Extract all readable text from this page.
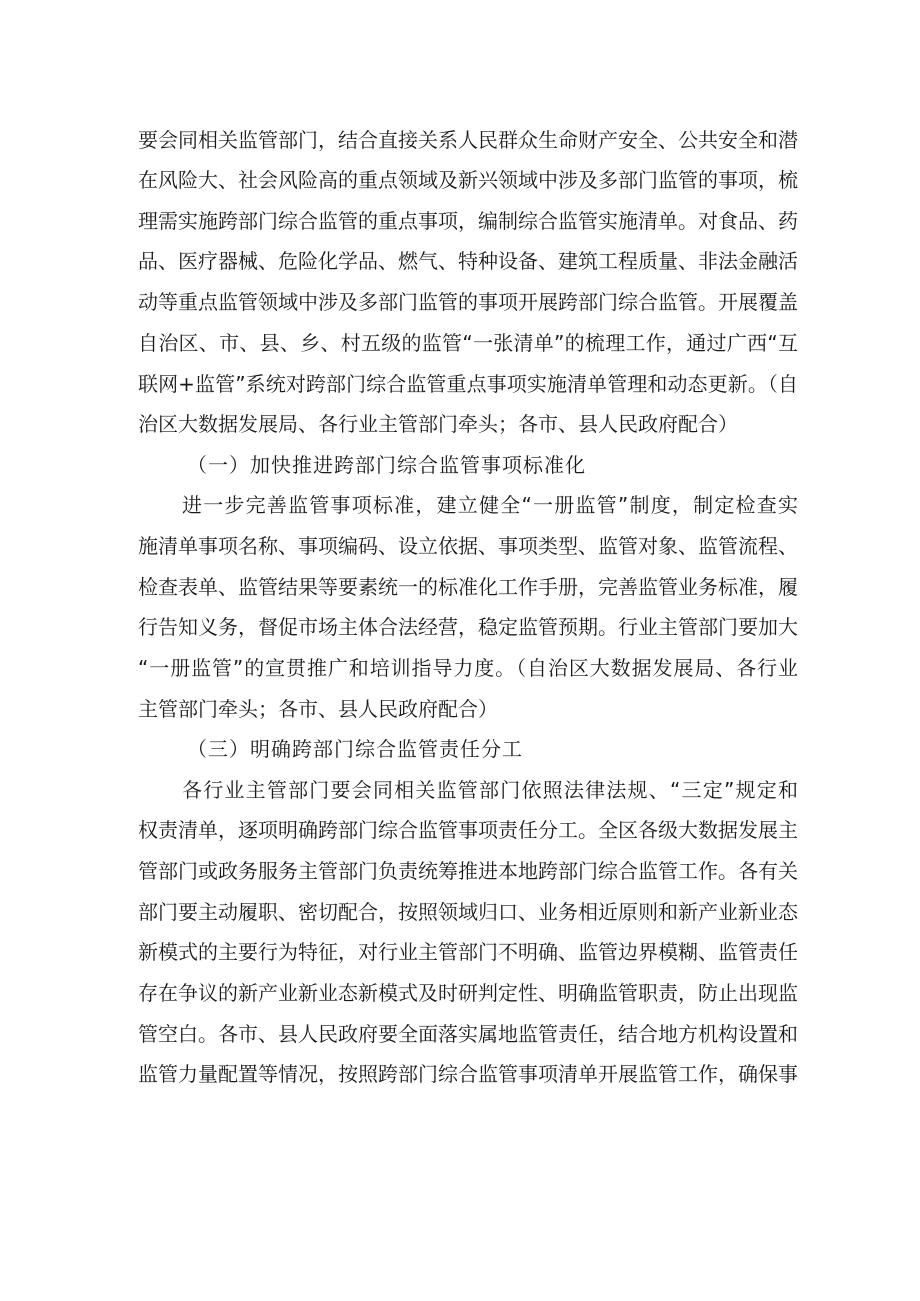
要会同相关监管部门，结合直接关系人民群众生命财产安全、公共安全和潜
在风险大、社会风险高的重点领域及新兴领域中涉及多部门监管的事项，梳
理需实施跨部门综合监管的重点事项，编制综合监管实施清单。对食品、药
品、医疗器械、危险化学品、燃气、特种设备、建筑工程质量、非法金融活
动等重点监管领域中涉及多部门监管的事项开展跨部门综合监管。开展覆盖
自治区、市、县、乡、村五级的监管“一张清单”的梳理工作，通过广西“互
联网+监管”系统对跨部门综合监管重点事项实施清单管理和动态更新。（自
治区大数据发展局、各行业主管部门牵头；各市、县人民政府配合）
（一）加快推进跨部门综合监管事项标准化
进一步完善监管事项标准，建立健全“一册监管”制度，制定检查实
施清单事项名称、事项编码、设立依据、事项类型、监管对象、监管流程、
检查表单、监管结果等要素统一的标准化工作手册，完善监管业务标准，履
行告知义务，督促市场主体合法经营，稳定监管预期。行业主管部门要加大
“一册监管”的宣贯推广和培训指导力度。（自治区大数据发展局、各行业
主管部门牵头；各市、县人民政府配合）
（三）明确跨部门综合监管责任分工
各行业主管部门要会同相关监管部门依照法律法规、“三定”规定和
权责清单，逐项明确跨部门综合监管事项责任分工。全区各级大数据发展主
管部门或政务服务主管部门负责统筹推进本地跨部门综合监管工作。各有关
部门要主动履职、密切配合，按照领域归口、业务相近原则和新产业新业态
新模式的主要行为特征，对行业主管部门不明确、监管边界模糊、监管责任
存在争议的新产业新业态新模式及时研判定性、明确监管职责，防止出现监
管空白。各市、县人民政府要全面落实属地监管责任，结合地方机构设置和
监管力量配置等情况，按照跨部门综合监管事项清单开展监管工作，确保事
